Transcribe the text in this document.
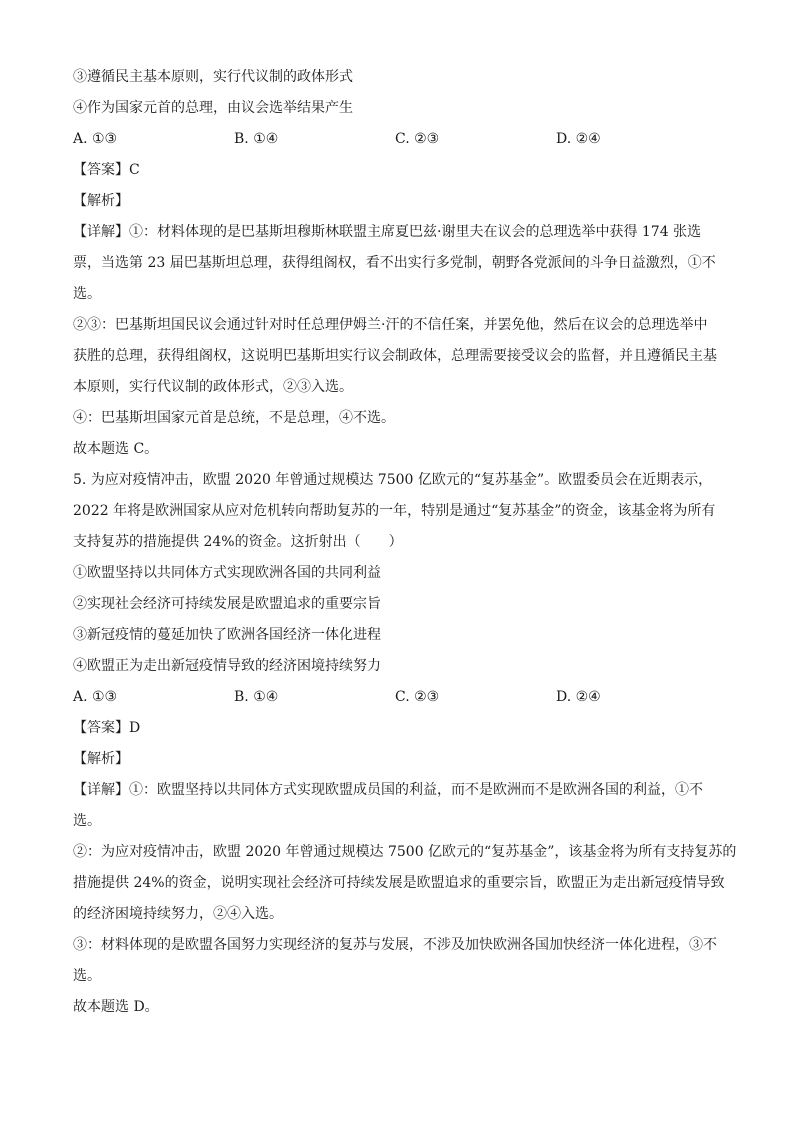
③遵循民主基本原则，实行代议制的政体形式
④作为国家元首的总理，由议会选举结果产生
A. ①③	B. ①④	C. ②③	D. ②④
【答案】C
【解析】
【详解】①：材料体现的是巴基斯坦穆斯林联盟主席夏巴兹·谢里夫在议会的总理选举中获得 174 张选
票，当选第 23 届巴基斯坦总理，获得组阁权，看不出实行多党制，朝野各党派间的斗争日益激烈，①不
选。
②③：巴基斯坦国民议会通过针对时任总理伊姆兰·汗的不信任案，并罢免他，然后在议会的总理选举中
获胜的总理，获得组阁权，这说明巴基斯坦实行议会制政体，总理需要接受议会的监督，并且遵循民主基
本原则，实行代议制的政体形式，②③入选。
④：巴基斯坦国家元首是总统，不是总理，④不选。
故本题选 C。
5. 为应对疫情冲击，欧盟 2020 年曾通过规模达 7500 亿欧元的“复苏基金”。欧盟委员会在近期表示，
2022 年将是欧洲国家从应对危机转向帮助复苏的一年，特别是通过“复苏基金”的资金，该基金将为所有
支持复苏的措施提供 24%的资金。这折射出（　　）
①欧盟坚持以共同体方式实现欧洲各国的共同利益
②实现社会经济可持续发展是欧盟追求的重要宗旨
③新冠疫情的蔓延加快了欧洲各国经济一体化进程
④欧盟正为走出新冠疫情导致的经济困境持续努力
A. ①③	B. ①④	C. ②③	D. ②④
【答案】D
【解析】
【详解】①：欧盟坚持以共同体方式实现欧盟成员国的利益，而不是欧洲而不是欧洲各国的利益，①不
选。
②：为应对疫情冲击，欧盟 2020 年曾通过规模达 7500 亿欧元的“复苏基金”，该基金将为所有支持复苏的
措施提供 24%的资金，说明实现社会经济可持续发展是欧盟追求的重要宗旨，欧盟正为走出新冠疫情导致
的经济困境持续努力，②④入选。
③：材料体现的是欧盟各国努力实现经济的复苏与发展，不涉及加快欧洲各国加快经济一体化进程，③不
选。
故本题选 D。
